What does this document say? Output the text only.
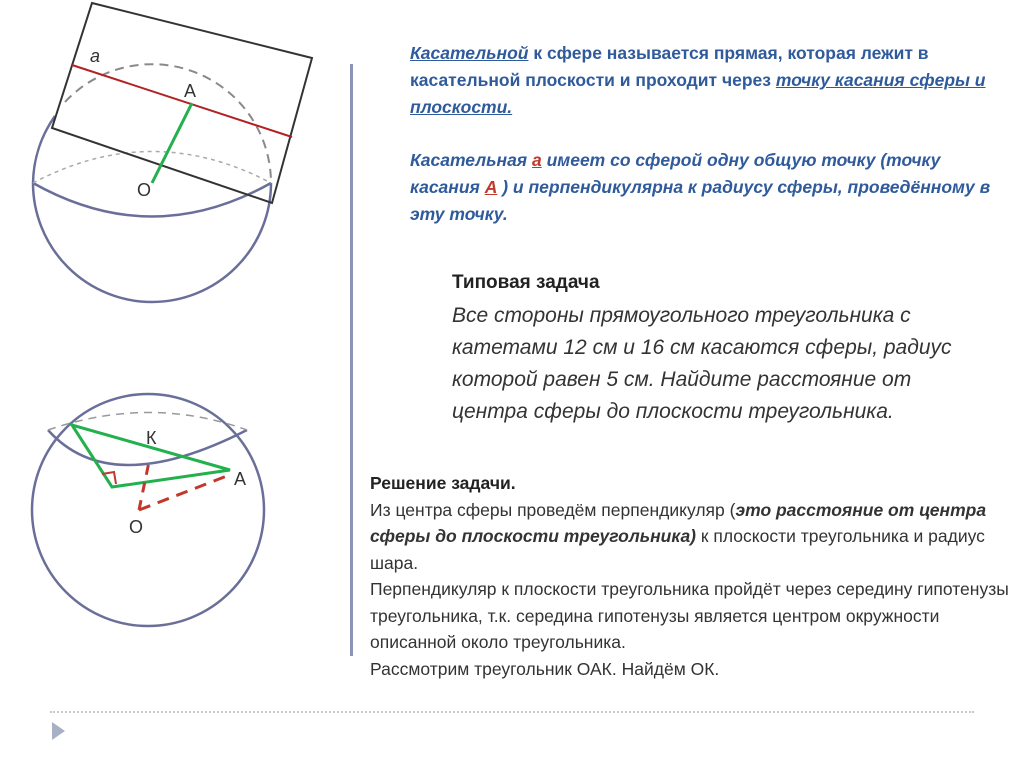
a
A
O
К
A
O

Касательной к сфере называется прямая, которая лежит в касательной плоскости и проходит через точку касания сферы и плоскости.

Касательная а имеет со сферой одну общую точку (точку касания А ) и перпендикулярна к радиусу сферы, проведённому в эту точку.

Типовая задача
Все стороны прямоугольного треугольника с катетами 12 см и 16 см касаются сферы, радиус которой равен 5 см. Найдите расстояние от центра сферы до плоскости треугольника.

Решение задачи.

Из центра сферы проведём перпендикуляр (это расстояние от центра сферы до плоскости треугольника) к плоскости треугольника и радиус шара.

Перпендикуляр к плоскости треугольника пройдёт через середину гипотенузы треугольника, т.к. середина гипотенузы является центром окружности описанной около треугольника.

Рассмотрим треугольник ОАК. Найдём ОК.
